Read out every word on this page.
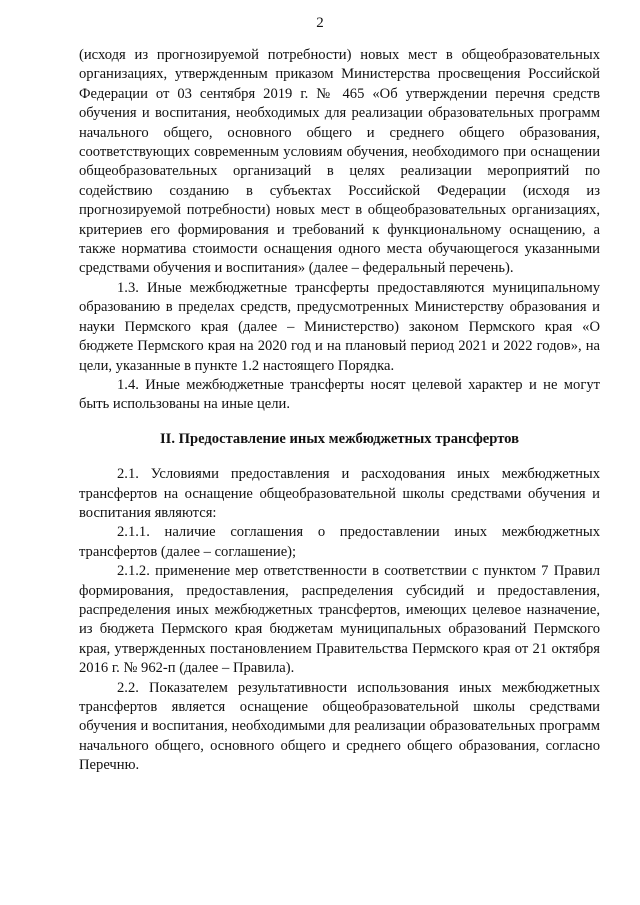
2

(исходя из прогнозируемой потребности) новых мест в общеобразовательных организациях, утвержденным приказом Министерства просвещения Российской Федерации от 03 сентября 2019 г. № 465 «Об утверждении перечня средств обучения и воспитания, необходимых для реализации образовательных программ начального общего, основного общего и среднего общего образования, соответствующих современным условиям обучения, необходимого при оснащении общеобразовательных организаций в целях реализации мероприятий по содействию созданию в субъектах Российской Федерации (исходя из прогнозируемой потребности) новых мест в общеобразовательных организациях, критериев его формирования и требований к функциональному оснащению, а также норматива стоимости оснащения одного места обучающегося указанными средствами обучения и воспитания» (далее – федеральный перечень).

1.3. Иные межбюджетные трансферты предоставляются муниципальному образованию в пределах средств, предусмотренных Министерству образования и науки Пермского края (далее – Министерство) законом Пермского края «О бюджете Пермского края на 2020 год и на плановый период 2021 и 2022 годов», на цели, указанные в пункте 1.2 настоящего Порядка.

1.4. Иные межбюджетные трансферты носят целевой характер и не могут быть использованы на иные цели.

II. Предоставление иных межбюджетных трансфертов

2.1. Условиями предоставления и расходования иных межбюджетных трансфертов на оснащение общеобразовательной школы средствами обучения и воспитания являются:

2.1.1. наличие соглашения о предоставлении иных межбюджетных трансфертов (далее – соглашение);

2.1.2. применение мер ответственности в соответствии с пунктом 7 Правил формирования, предоставления, распределения субсидий и предоставления, распределения иных межбюджетных трансфертов, имеющих целевое назначение, из бюджета Пермского края бюджетам муниципальных образований Пермского края, утвержденных постановлением Правительства Пермского края от 21 октября 2016 г. № 962-п (далее – Правила).

2.2. Показателем результативности использования иных межбюджетных трансфертов является оснащение общеобразовательной школы средствами обучения и воспитания, необходимыми для реализации образовательных программ начального общего, основного общего и среднего общего образования, согласно Перечню.
